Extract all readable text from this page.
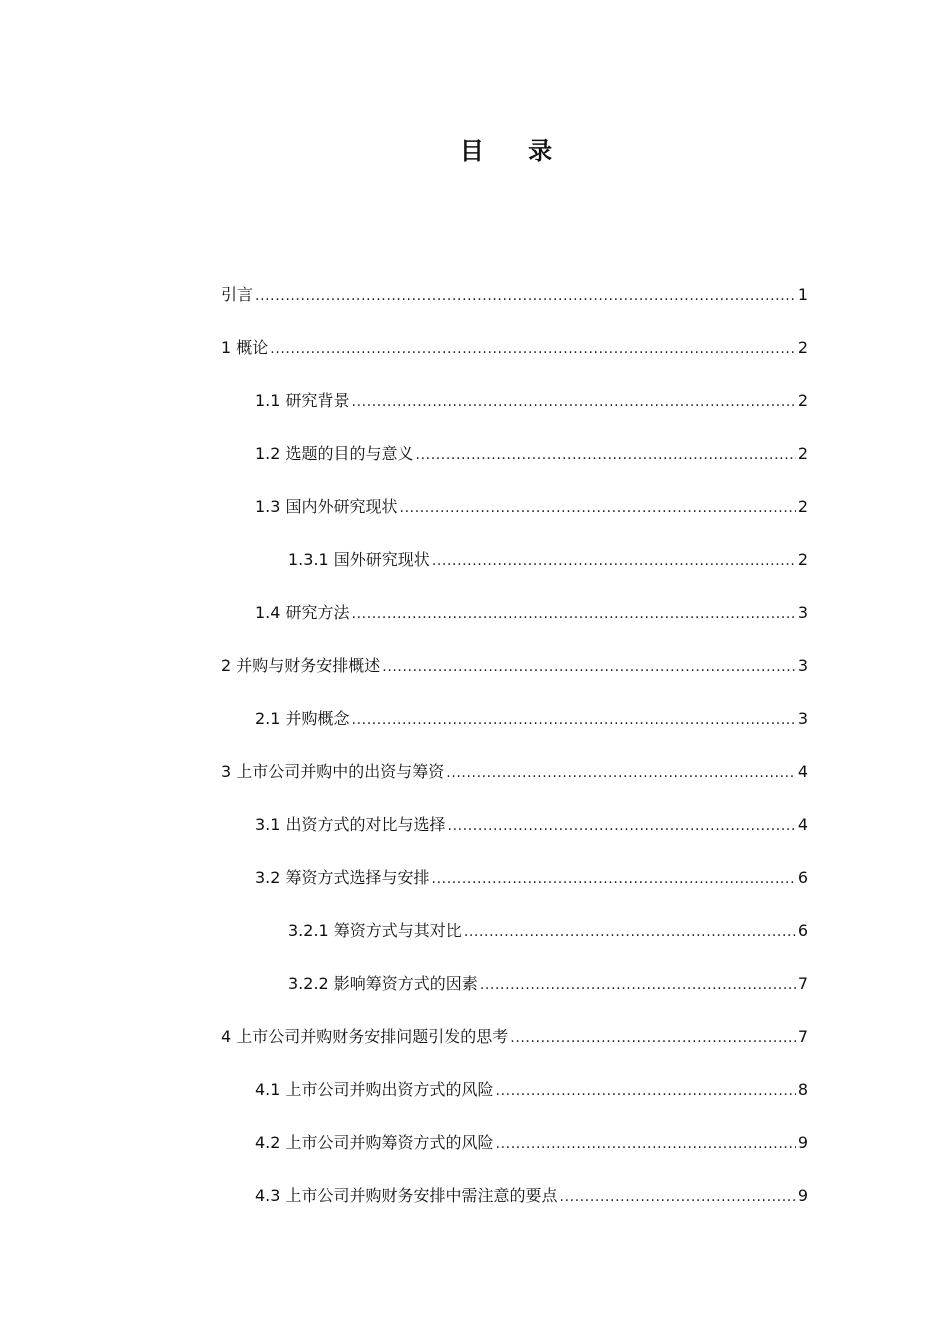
目 录
引言 .....	1
1 概论 .....	2
1.1 研究背景 .....	2
1.2 选题的目的与意义 .....	2
1.3 国内外研究现状 .....	2
1.3.1 国外研究现状 .....	2
1.4 研究方法 .....	3
2 并购与财务安排概述 .....	3
2.1 并购概念 .....	3
3 上市公司并购中的出资与筹资 .....	4
3.1 出资方式的对比与选择 .....	4
3.2 筹资方式选择与安排 .....	6
3.2.1 筹资方式与其对比 .....	6
3.2.2 影响筹资方式的因素 .....	7
4 上市公司并购财务安排问题引发的思考 .....	7
4.1 上市公司并购出资方式的风险 .....	8
4.2 上市公司并购筹资方式的风险 .....	9
4.3 上市公司并购财务安排中需注意的要点 .....	9
